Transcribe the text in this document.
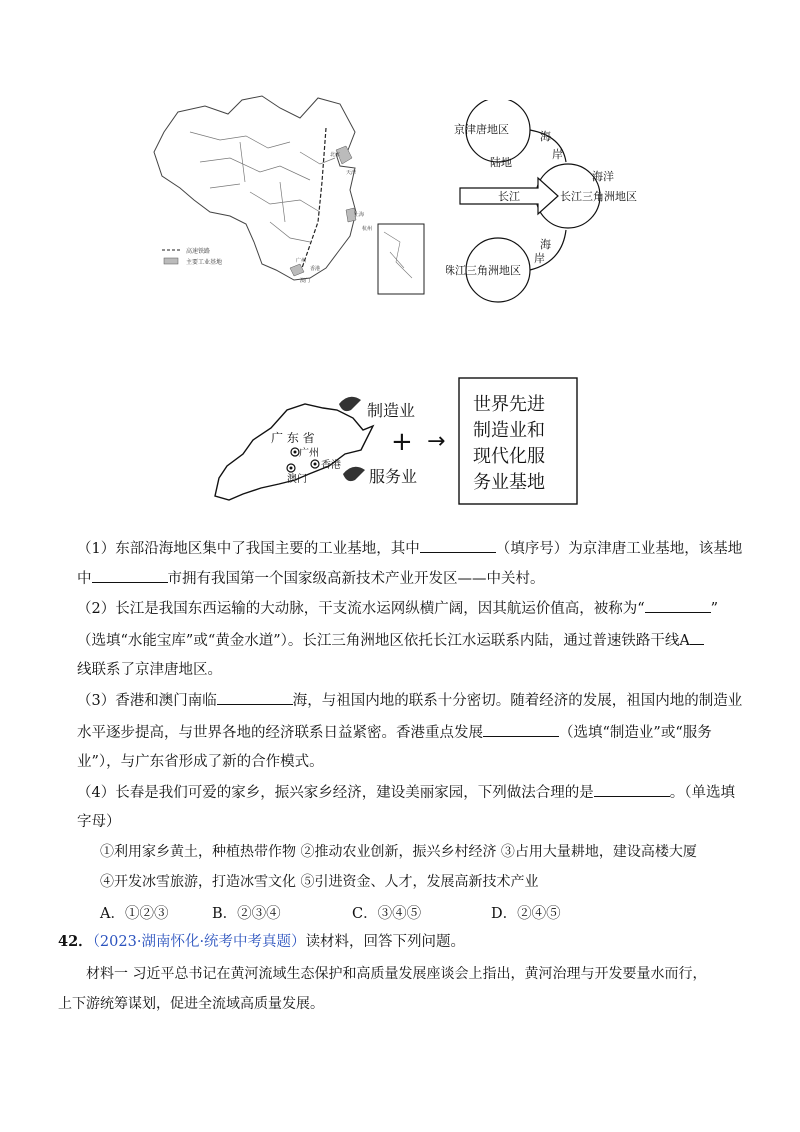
高速铁路
主要工业基地
北京
天津
上海
杭州
香港
澳门
广州
京津唐地区
长江三角洲地区
珠江三角洲地区
陆地
海洋
长江
海
岸
海
岸
广 东 省
广州
香港
澳门
制造业
服务业
+ →
世界先进
制造业和
现代化服
务业基地
（1）东部沿海地区集中了我国主要的工业基地，其中	（填序号）为京津唐工业基地，该基地
中	市拥有我国第一个国家级高新技术产业开发区——中关村。
（2）长江是我国东西运输的大动脉，干支流水运网纵横广阔，因其航运价值高，被称为“	”
（选填“水能宝库”或“黄金水道”）。长江三角洲地区依托长江水运联系内陆，通过普速铁路干线A
线联系了京津唐地区。
（3）香港和澳门南临	海，与祖国内地的联系十分密切。随着经济的发展，祖国内地的制造业
水平逐步提高，与世界各地的经济联系日益紧密。香港重点发展	（选填“制造业”或“服务
业”），与广东省形成了新的合作模式。
（4）长春是我们可爱的家乡，振兴家乡经济，建设美丽家园，下列做法合理的是	。（单选填
字母）
①利用家乡黄土，种植热带作物 ②推动农业创新，振兴乡村经济 ③占用大量耕地，建设高楼大厦
④开发冰雪旅游，打造冰雪文化 ⑤引进资金、人才，发展高新技术产业
A．①②③	B．②③④	C．③④⑤	D．②④⑤
42．（2023·湖南怀化·统考中考真题）读材料，回答下列问题。
材料一 习近平总书记在黄河流域生态保护和高质量发展座谈会上指出，黄河治理与开发要量水而行，
上下游统筹谋划，促进全流域高质量发展。
